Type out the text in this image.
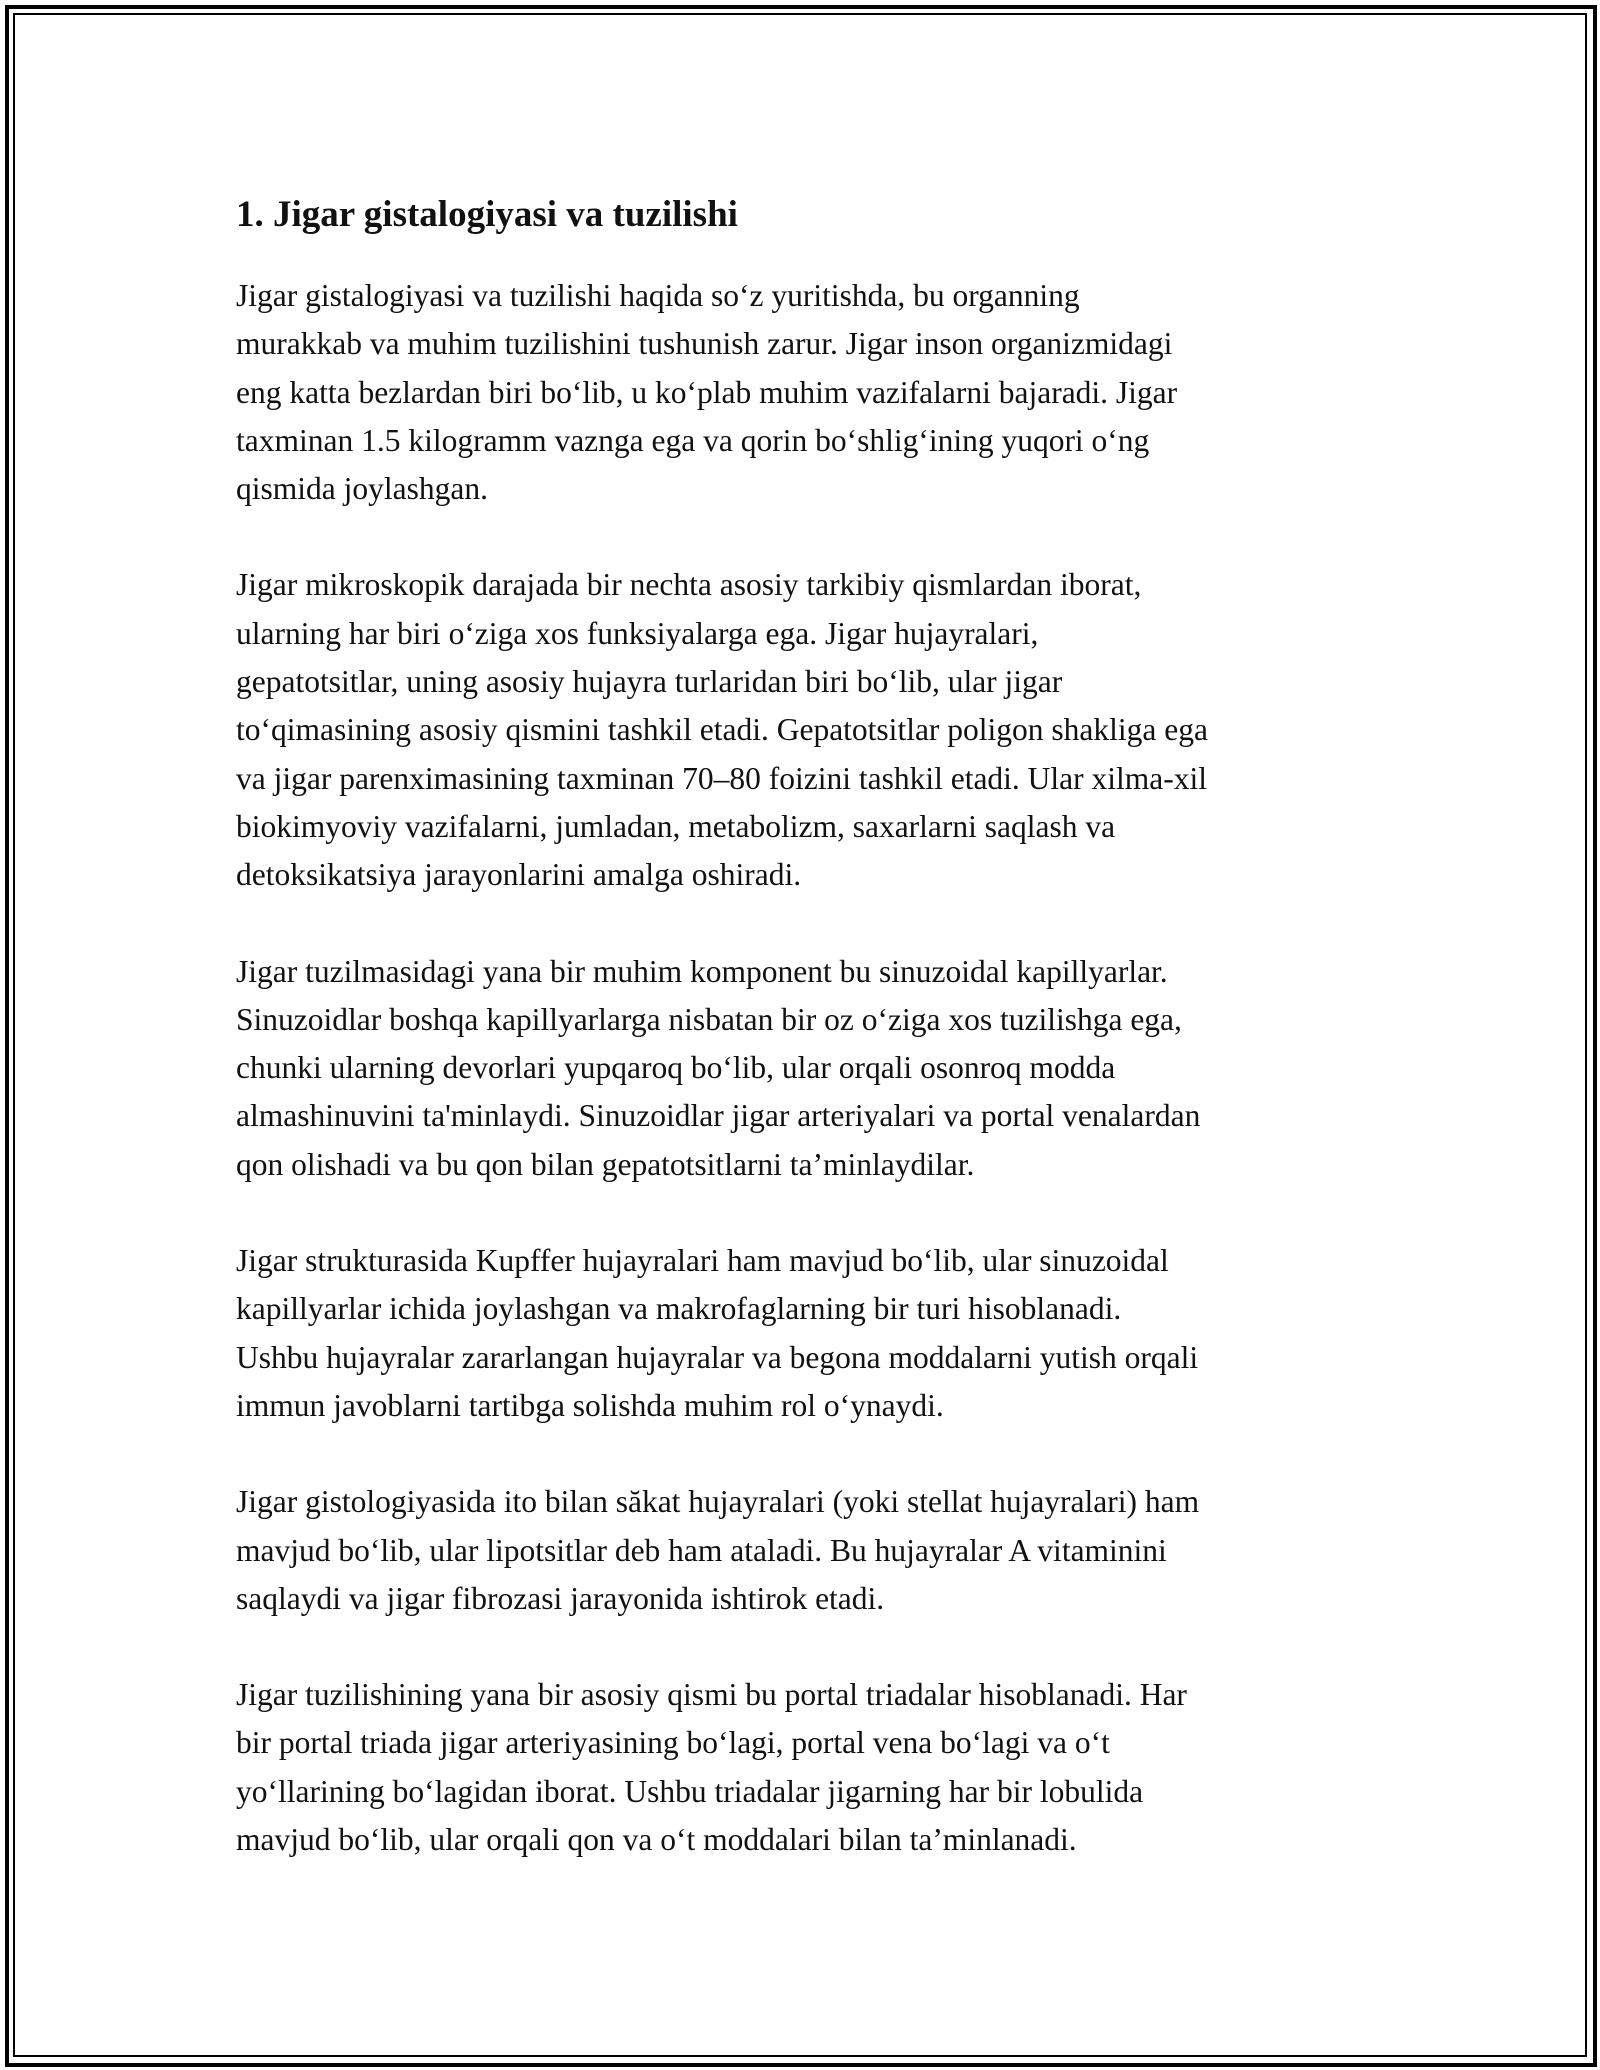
1. Jigar gistalogiyasi va tuzilishi

Jigar gistalogiyasi va tuzilishi haqida so‘z yuritishda, bu organning
murakkab va muhim tuzilishini tushunish zarur. Jigar inson organizmidagi
eng katta bezlardan biri bo‘lib, u ko‘plab muhim vazifalarni bajaradi. Jigar
taxminan 1.5 kilogramm vaznga ega va qorin bo‘shlig‘ining yuqori o‘ng
qismida joylashgan.

Jigar mikroskopik darajada bir nechta asosiy tarkibiy qismlardan iborat,
ularning har biri o‘ziga xos funksiyalarga ega. Jigar hujayralari,
gepatotsitlar, uning asosiy hujayra turlaridan biri bo‘lib, ular jigar
to‘qimasining asosiy qismini tashkil etadi. Gepatotsitlar poligon shakliga ega
va jigar parenximasining taxminan 70–80 foizini tashkil etadi. Ular xilma-xil
biokimyoviy vazifalarni, jumladan, metabolizm, saxarlarni saqlash va
detoksikatsiya jarayonlarini amalga oshiradi.

Jigar tuzilmasidagi yana bir muhim komponent bu sinuzoidal kapillyarlar.
Sinuzoidlar boshqa kapillyarlarga nisbatan bir oz o‘ziga xos tuzilishga ega,
chunki ularning devorlari yupqaroq bo‘lib, ular orqali osonroq modda
almashinuvini ta'minlaydi. Sinuzoidlar jigar arteriyalari va portal venalardan
qon olishadi va bu qon bilan gepatotsitlarni ta’minlaydilar.

Jigar strukturasida Kupffer hujayralari ham mavjud bo‘lib, ular sinuzoidal
kapillyarlar ichida joylashgan va makrofaglarning bir turi hisoblanadi.
Ushbu hujayralar zararlangan hujayralar va begona moddalarni yutish orqali
immun javoblarni tartibga solishda muhim rol o‘ynaydi.

Jigar gistologiyasida ito bilan săkat hujayralari (yoki stellat hujayralari) ham
mavjud bo‘lib, ular lipotsitlar deb ham ataladi. Bu hujayralar A vitaminini
saqlaydi va jigar fibrozasi jarayonida ishtirok etadi.

Jigar tuzilishining yana bir asosiy qismi bu portal triadalar hisoblanadi. Har
bir portal triada jigar arteriyasining bo‘lagi, portal vena bo‘lagi va o‘t
yo‘llarining bo‘lagidan iborat. Ushbu triadalar jigarning har bir lobulida
mavjud bo‘lib, ular orqali qon va o‘t moddalari bilan ta’minlanadi.
